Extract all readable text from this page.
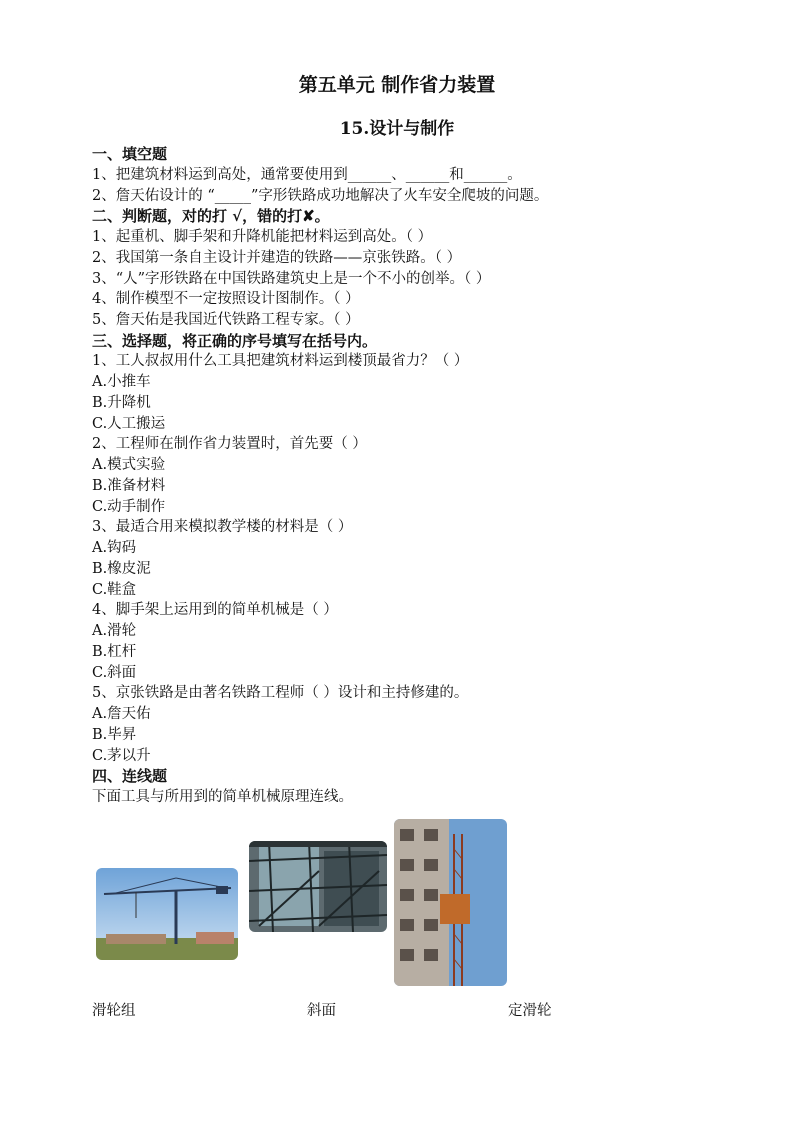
第五单元 制作省力装置
15.设计与制作
一、填空题
1、把建筑材料运到高处，通常要使用到______、______和______。
2、詹天佑设计的 “_____”字形铁路成功地解决了火车安全爬坡的问题。
二、判断题，对的打 √，错的打✘。
1、起重机、脚手架和升降机能把材料运到高处。（ ）
2、我国第一条自主设计并建造的铁路——京张铁路。（ ）
3、“人”字形铁路在中国铁路建筑史上是一个不小的创举。（ ）
4、制作模型不一定按照设计图制作。（ ）
5、詹天佑是我国近代铁路工程专家。（ ）
三、选择题，将正确的序号填写在括号内。
1、工人叔叔用什么工具把建筑材料运到楼顶最省力？（ ）
A.小推车
B.升降机
C.人工搬运
2、工程师在制作省力装置时，首先要（ ）
A.模式实验
B.准备材料
C.动手制作
3、最适合用来模拟教学楼的材料是（ ）
A.钩码
B.橡皮泥
C.鞋盒
4、脚手架上运用到的简单机械是（ ）
A.滑轮
B.杠杆
C.斜面
5、京张铁路是由著名铁路工程师（ ）设计和主持修建的。
A.詹天佑
B.毕昇
C.茅以升
四、连线题
下面工具与所用到的简单机械原理连线。
滑轮组	斜面	定滑轮
